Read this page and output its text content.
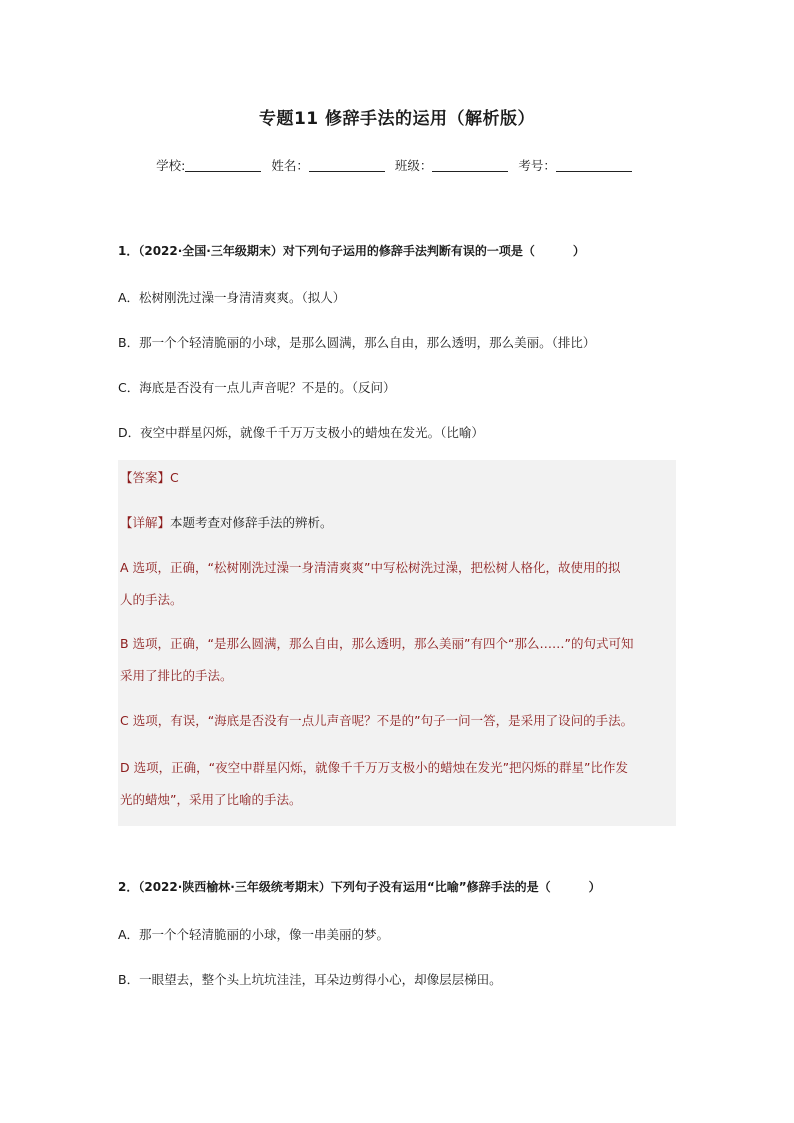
专题11 修辞手法的运用（解析版）
学校:	姓名：	班级：	考号：
1．（2022·全国·三年级期末）对下列句子运用的修辞手法判断有误的一项是（	）
A．松树刚洗过澡一身清清爽爽。（拟人）
B．那一个个轻清脆丽的小球，是那么圆满，那么自由，那么透明，那么美丽。（排比）
C．海底是否没有一点儿声音呢？不是的。（反问）
D．夜空中群星闪烁，就像千千万万支极小的蜡烛在发光。（比喻）
【答案】C
【详解】本题考查对修辞手法的辨析。
A 选项，正确，“松树刚洗过澡一身清清爽爽”中写松树洗过澡，把松树人格化，故使用的拟
人的手法。
B 选项，正确，“是那么圆满，那么自由，那么透明，那么美丽”有四个“那么……”的句式可知
采用了排比的手法。
C 选项，有误，“海底是否没有一点儿声音呢？不是的”句子一问一答，是采用了设问的手法。
D 选项，正确，“夜空中群星闪烁，就像千千万万支极小的蜡烛在发光”把闪烁的群星”比作发
光的蜡烛”，采用了比喻的手法。
2．（2022·陕西榆林·三年级统考期末）下列句子没有运用“比喻”修辞手法的是（	）
A．那一个个轻清脆丽的小球，像一串美丽的梦。
B．一眼望去，整个头上坑坑洼洼，耳朵边剪得小心，却像层层梯田。
